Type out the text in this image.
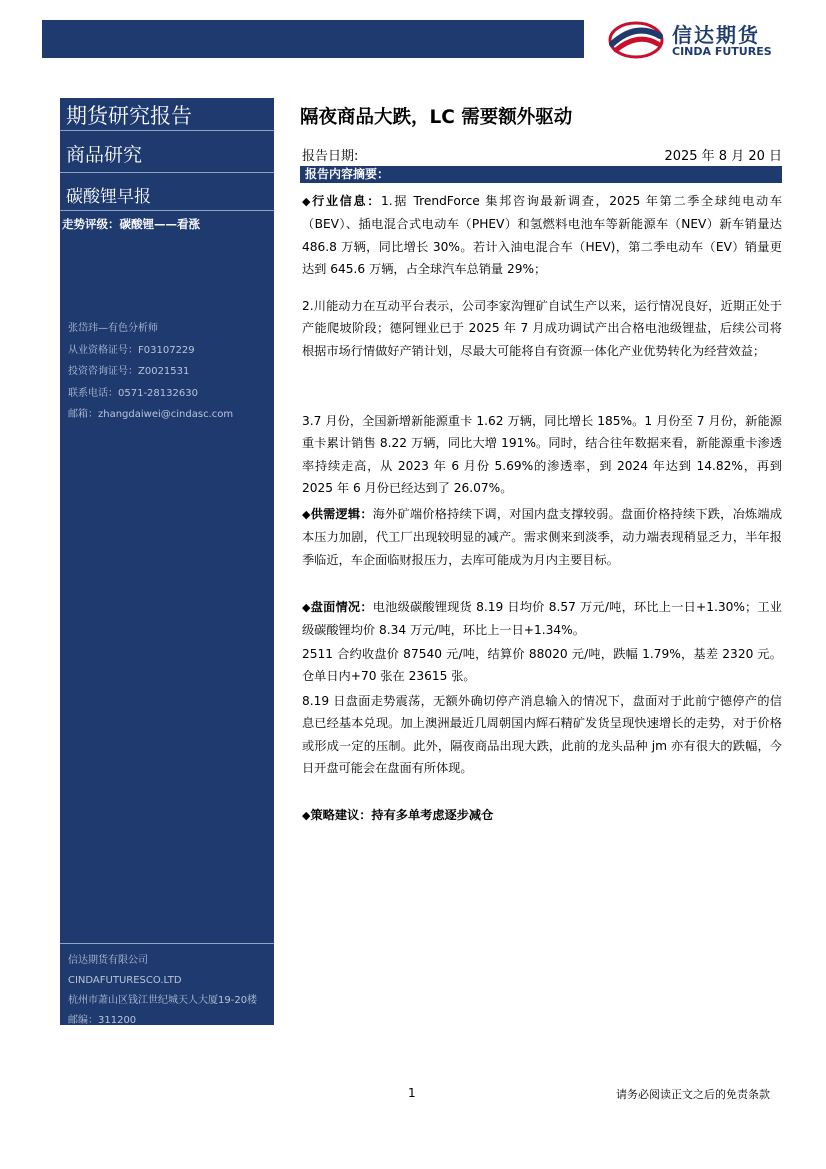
信达期货
CINDA FUTURES
期货研究报告
商品研究
碳酸锂早报
走势评级：碳酸锂——看涨
张岱玮—有色分析师
从业资格证号：F03107229
投资咨询证号：Z0021531
联系电话：0571-28132630
邮箱：zhangdaiwei@cindasc.com
信达期货有限公司
CINDAFUTURESCO.LTD
杭州市萧山区钱江世纪城天人大厦19-20楼
邮编：311200
隔夜商品大跌，LC 需要额外驱动
报告日期:	2025 年 8 月 20 日
报告内容摘要：
◆行业信息：1.据 TrendForce 集邦咨询最新调查，2025 年第二季全球纯电动车（BEV）、插电混合式电动车（PHEV）和氢燃料电池车等新能源车（NEV）新车销量达 486.8 万辆，同比增长 30%。若计入油电混合车（HEV)，第二季电动车（EV）销量更达到 645.6 万辆，占全球汽车总销量 29%；
2.川能动力在互动平台表示，公司李家沟锂矿自试生产以来，运行情况良好，近期正处于产能爬坡阶段；德阿锂业已于 2025 年 7 月成功调试产出合格电池级锂盐，后续公司将根据市场行情做好产销计划，尽最大可能将自有资源一体化产业优势转化为经营效益；
3.7 月份，全国新增新能源重卡 1.62 万辆，同比增长 185%。1 月份至 7 月份，新能源重卡累计销售 8.22 万辆，同比大增 191%。同时，结合往年数据来看，新能源重卡渗透率持续走高，从 2023 年 6 月份 5.69%的渗透率，到 2024 年达到 14.82%，再到 2025 年 6 月份已经达到了 26.07%。
◆供需逻辑：海外矿端价格持续下调，对国内盘支撑较弱。盘面价格持续下跌，冶炼端成本压力加剧，代工厂出现较明显的减产。需求侧来到淡季，动力端表现稍显乏力，半年报季临近，车企面临财报压力，去库可能成为月内主要目标。
◆盘面情况：电池级碳酸锂现货 8.19 日均价 8.57 万元/吨，环比上一日+1.30%；工业级碳酸锂均价 8.34 万元/吨，环比上一日+1.34%。
2511 合约收盘价 87540 元/吨，结算价 88020 元/吨，跌幅 1.79%，基差 2320 元。仓单日内+70 张在 23615 张。
8.19 日盘面走势震荡，无额外确切停产消息输入的情况下，盘面对于此前宁德停产的信息已经基本兑现。加上澳洲最近几周朝国内辉石精矿发货呈现快速增长的走势，对于价格或形成一定的压制。此外，隔夜商品出现大跌，此前的龙头品种 jm 亦有很大的跌幅，今日开盘可能会在盘面有所体现。
◆策略建议：持有多单考虑逐步减仓
1	请务必阅读正文之后的免责条款
